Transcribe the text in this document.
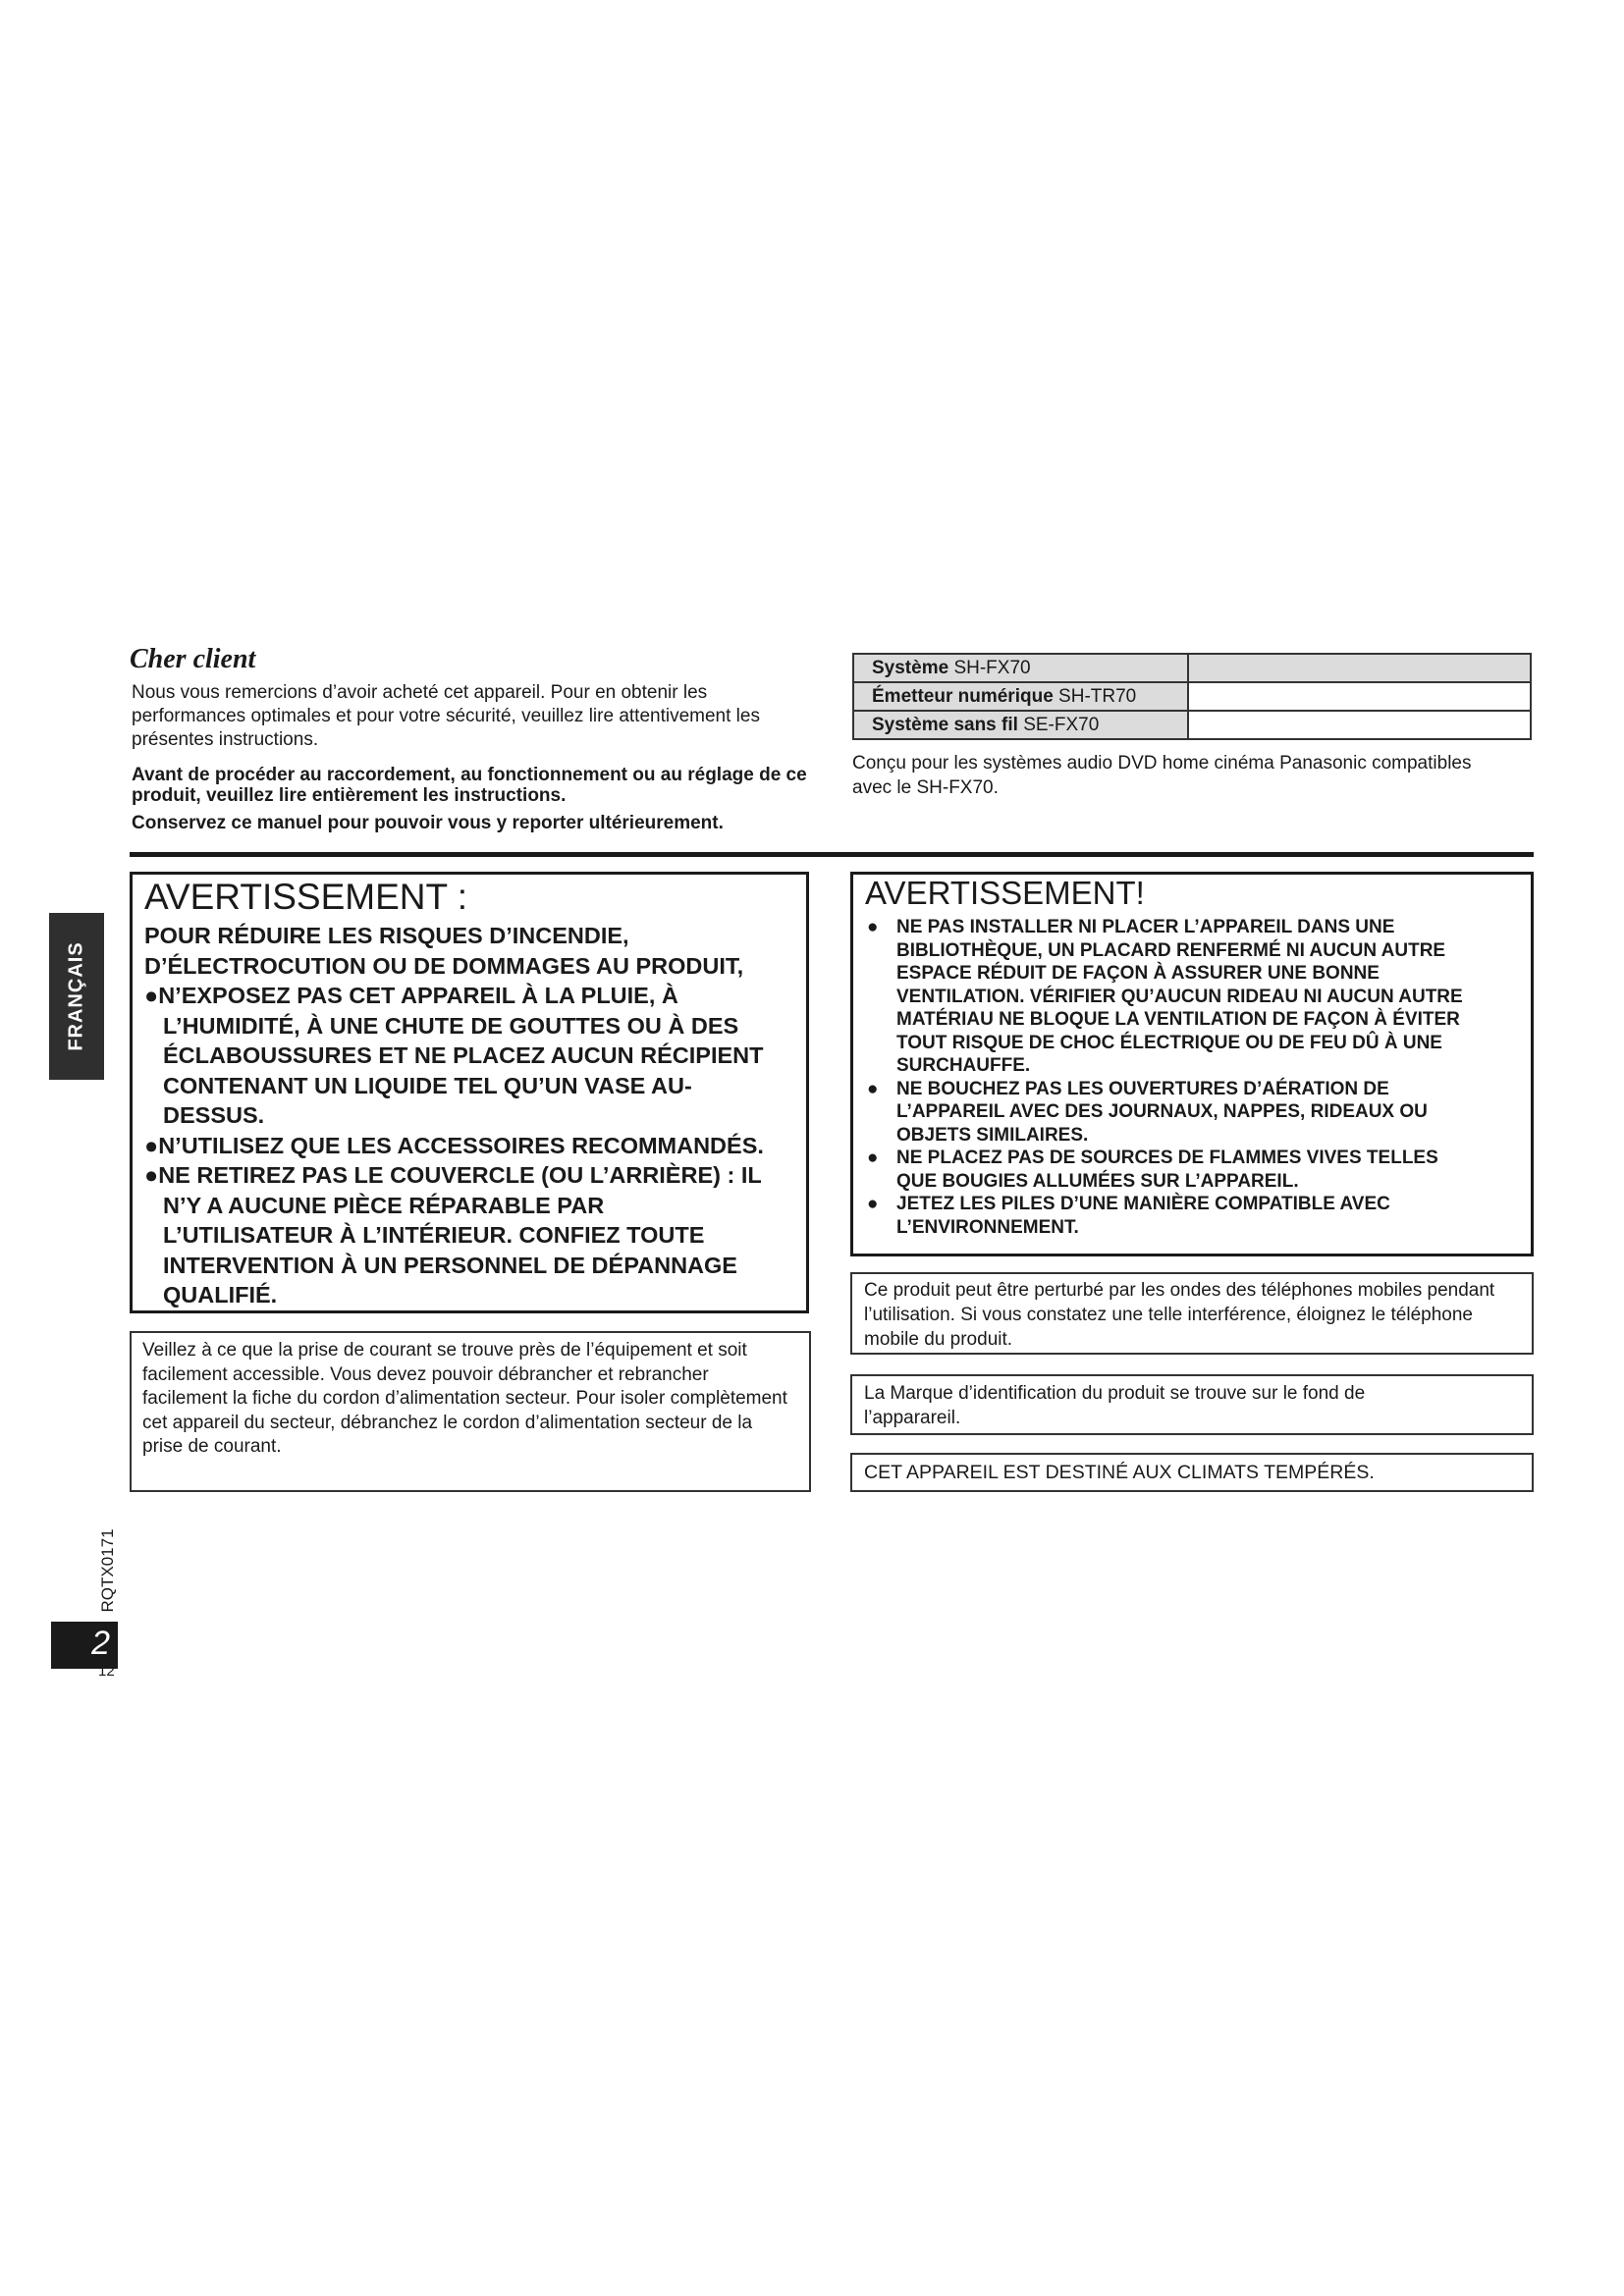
FRANÇAIS
RQTX0171
2
12
Cher client
Nous vous remercions d’avoir acheté cet appareil. Pour en obtenir les performances optimales et pour votre sécurité, veuillez lire attentivement les présentes instructions.
Avant de procéder au raccordement, au fonctionnement ou au réglage de ce produit, veuillez lire entièrement les instructions.
Conservez ce manuel pour pouvoir vous y reporter ultérieurement.
Système SH-FX70	
Émetteur numérique SH-TR70	
Système sans fil SE-FX70	
Conçu pour les systèmes audio DVD home cinéma Panasonic compatibles avec le SH-FX70.
AVERTISSEMENT :
POUR RÉDUIRE LES RISQUES D’INCENDIE,
D’ÉLECTROCUTION OU DE DOMMAGES AU PRODUIT,
●N’EXPOSEZ PAS CET APPAREIL À LA PLUIE, À
L’HUMIDITÉ, À UNE CHUTE DE GOUTTES OU À DES
ÉCLABOUSSURES ET NE PLACEZ AUCUN RÉCIPIENT
CONTENANT UN LIQUIDE TEL QU’UN VASE AU-
DESSUS.
●N’UTILISEZ QUE LES ACCESSOIRES RECOMMANDÉS.
●NE RETIREZ PAS LE COUVERCLE (OU L’ARRIÈRE) : IL
N’Y A AUCUNE PIÈCE RÉPARABLE PAR
L’UTILISATEUR À L’INTÉRIEUR. CONFIEZ TOUTE
INTERVENTION À UN PERSONNEL DE DÉPANNAGE
QUALIFIÉ.
Veillez à ce que la prise de courant se trouve près de l’équipement et soit facilement accessible. Vous devez pouvoir débrancher et rebrancher facilement la fiche du cordon d’alimentation secteur. Pour isoler complètement cet appareil du secteur, débranchez le cordon d’alimentation secteur de la prise de courant.
AVERTISSEMENT!
● NE PAS INSTALLER NI PLACER L’APPAREIL DANS UNE
BIBLIOTHÈQUE, UN PLACARD RENFERMÉ NI AUCUN AUTRE
ESPACE RÉDUIT DE FAÇON À ASSURER UNE BONNE
VENTILATION. VÉRIFIER QU’AUCUN RIDEAU NI AUCUN AUTRE
MATÉRIAU NE BLOQUE LA VENTILATION DE FAÇON À ÉVITER
TOUT RISQUE DE CHOC ÉLECTRIQUE OU DE FEU DÛ À UNE
SURCHAUFFE.
● NE BOUCHEZ PAS LES OUVERTURES D’AÉRATION DE
L’APPAREIL AVEC DES JOURNAUX, NAPPES, RIDEAUX OU
OBJETS SIMILAIRES.
● NE PLACEZ PAS DE SOURCES DE FLAMMES VIVES TELLES
QUE BOUGIES ALLUMÉES SUR L’APPAREIL.
● JETEZ LES PILES D’UNE MANIÈRE COMPATIBLE AVEC
L’ENVIRONNEMENT.
Ce produit peut être perturbé par les ondes des téléphones mobiles pendant l’utilisation. Si vous constatez une telle interférence, éloignez le téléphone mobile du produit.
La Marque d’identification du produit se trouve sur le fond de l’apparareil.
CET APPAREIL EST DESTINÉ AUX CLIMATS TEMPÉRÉS.
